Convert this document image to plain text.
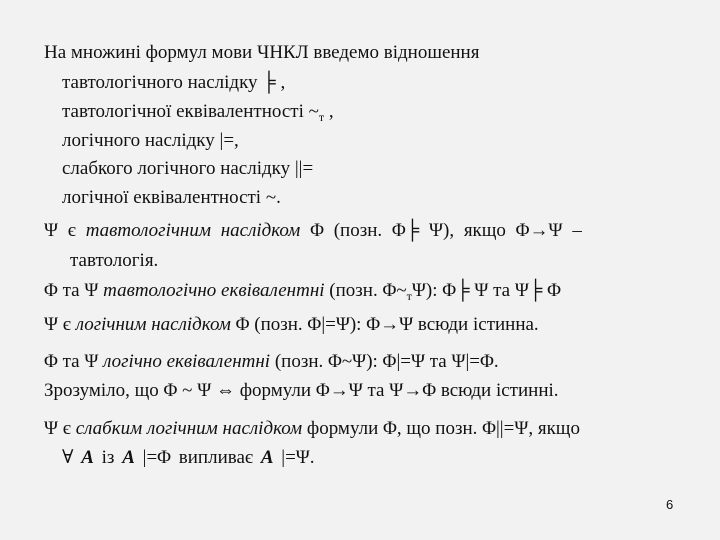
На множині формул мови ЧНКЛ введемо відношення
тавтологічного наслідку ╞ ,
тавтологічної еквівалентності $\sim_т$ ,
логічного наслідку |=,
слабкого логічного наслідку ||=
логічної еквівалентності ~.
Ψ є тавтологічним наслідком Φ (позн. Φ╞ Ψ), якщо Φ→Ψ –
тавтологія.
Φ та Ψ тавтологічно еквівалентні (позн. $\Phi\sim_т\Psi$): Φ╞ Ψ та Ψ╞ Φ
Ψ є логічним наслідком Φ (позн. Φ|=Ψ): Φ→Ψ всюди істинна.
Φ та Ψ логічно еквівалентні (позн. Φ~Ψ): Φ|=Ψ та Ψ|=Φ.
Зрозуміло, що Φ ~ Ψ ⇔ формули Φ→Ψ та Ψ→Φ всюди істинні.
Ψ є слабким логічним наслідком формули Φ, що позн. Φ||=Ψ, якщо
∀ A із A |=Φ випливає A |=Ψ.
6
